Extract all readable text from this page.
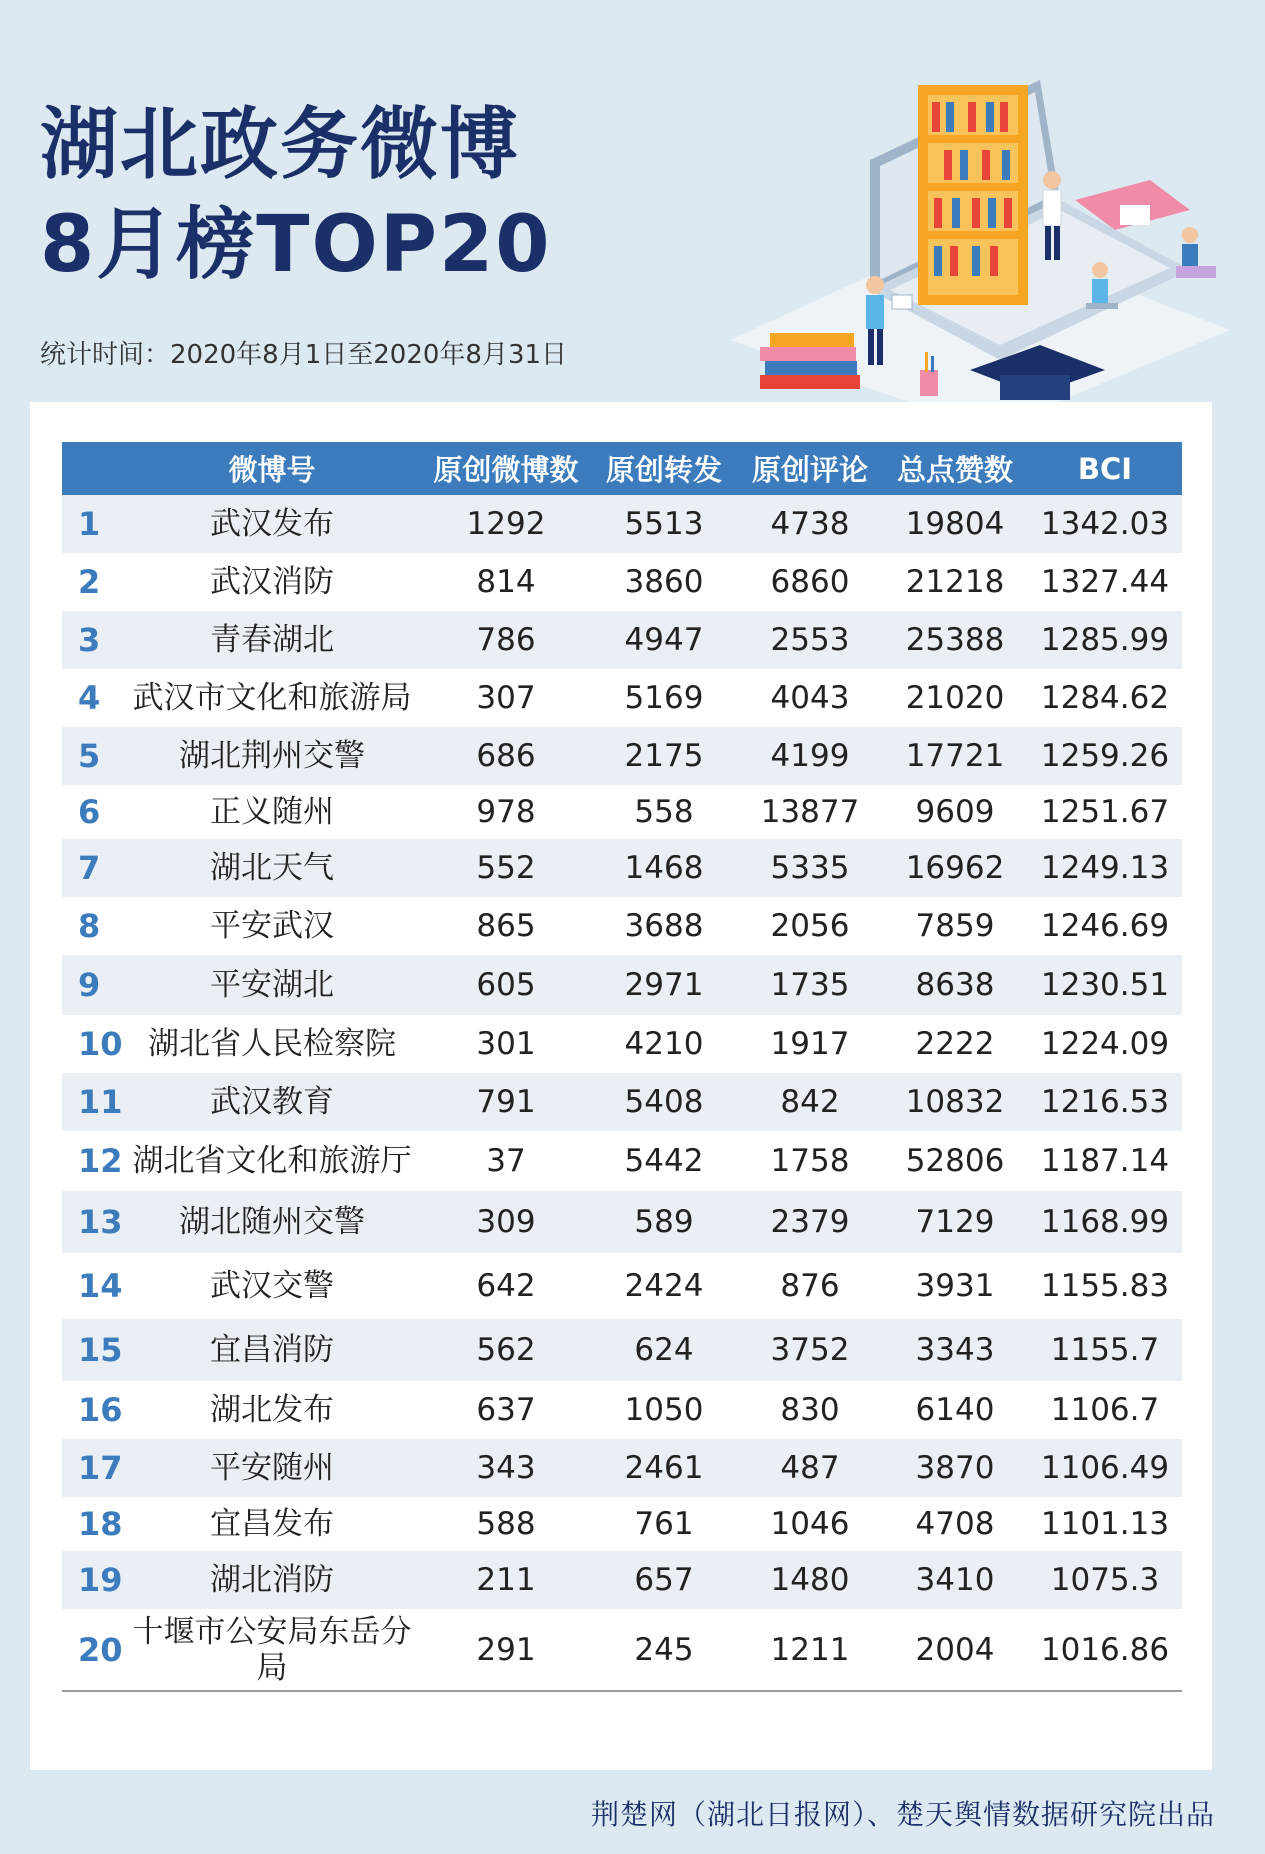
湖北政务微博
8月榜TOP20
统计时间：2020年8月1日至2020年8月31日
	微博号	原创微博数	原创转发	原创评论	总点赞数	BCI
1	武汉发布	1292	5513	4738	19804	1342.03
2	武汉消防	814	3860	6860	21218	1327.44
3	青春湖北	786	4947	2553	25388	1285.99
4	武汉市文化和旅游局	307	5169	4043	21020	1284.62
5	湖北荆州交警	686	2175	4199	17721	1259.26
6	正义随州	978	558	13877	9609	1251.67
7	湖北天气	552	1468	5335	16962	1249.13
8	平安武汉	865	3688	2056	7859	1246.69
9	平安湖北	605	2971	1735	8638	1230.51
10	湖北省人民检察院	301	4210	1917	2222	1224.09
11	武汉教育	791	5408	842	10832	1216.53
12	湖北省文化和旅游厅	37	5442	1758	52806	1187.14
13	湖北随州交警	309	589	2379	7129	1168.99
14	武汉交警	642	2424	876	3931	1155.83
15	宜昌消防	562	624	3752	3343	1155.7
16	湖北发布	637	1050	830	6140	1106.7
17	平安随州	343	2461	487	3870	1106.49
18	宜昌发布	588	761	1046	4708	1101.13
19	湖北消防	211	657	1480	3410	1075.3
20	十堰市公安局东岳分局	291	245	1211	2004	1016.86
荆楚网（湖北日报网）、楚天舆情数据研究院出品
